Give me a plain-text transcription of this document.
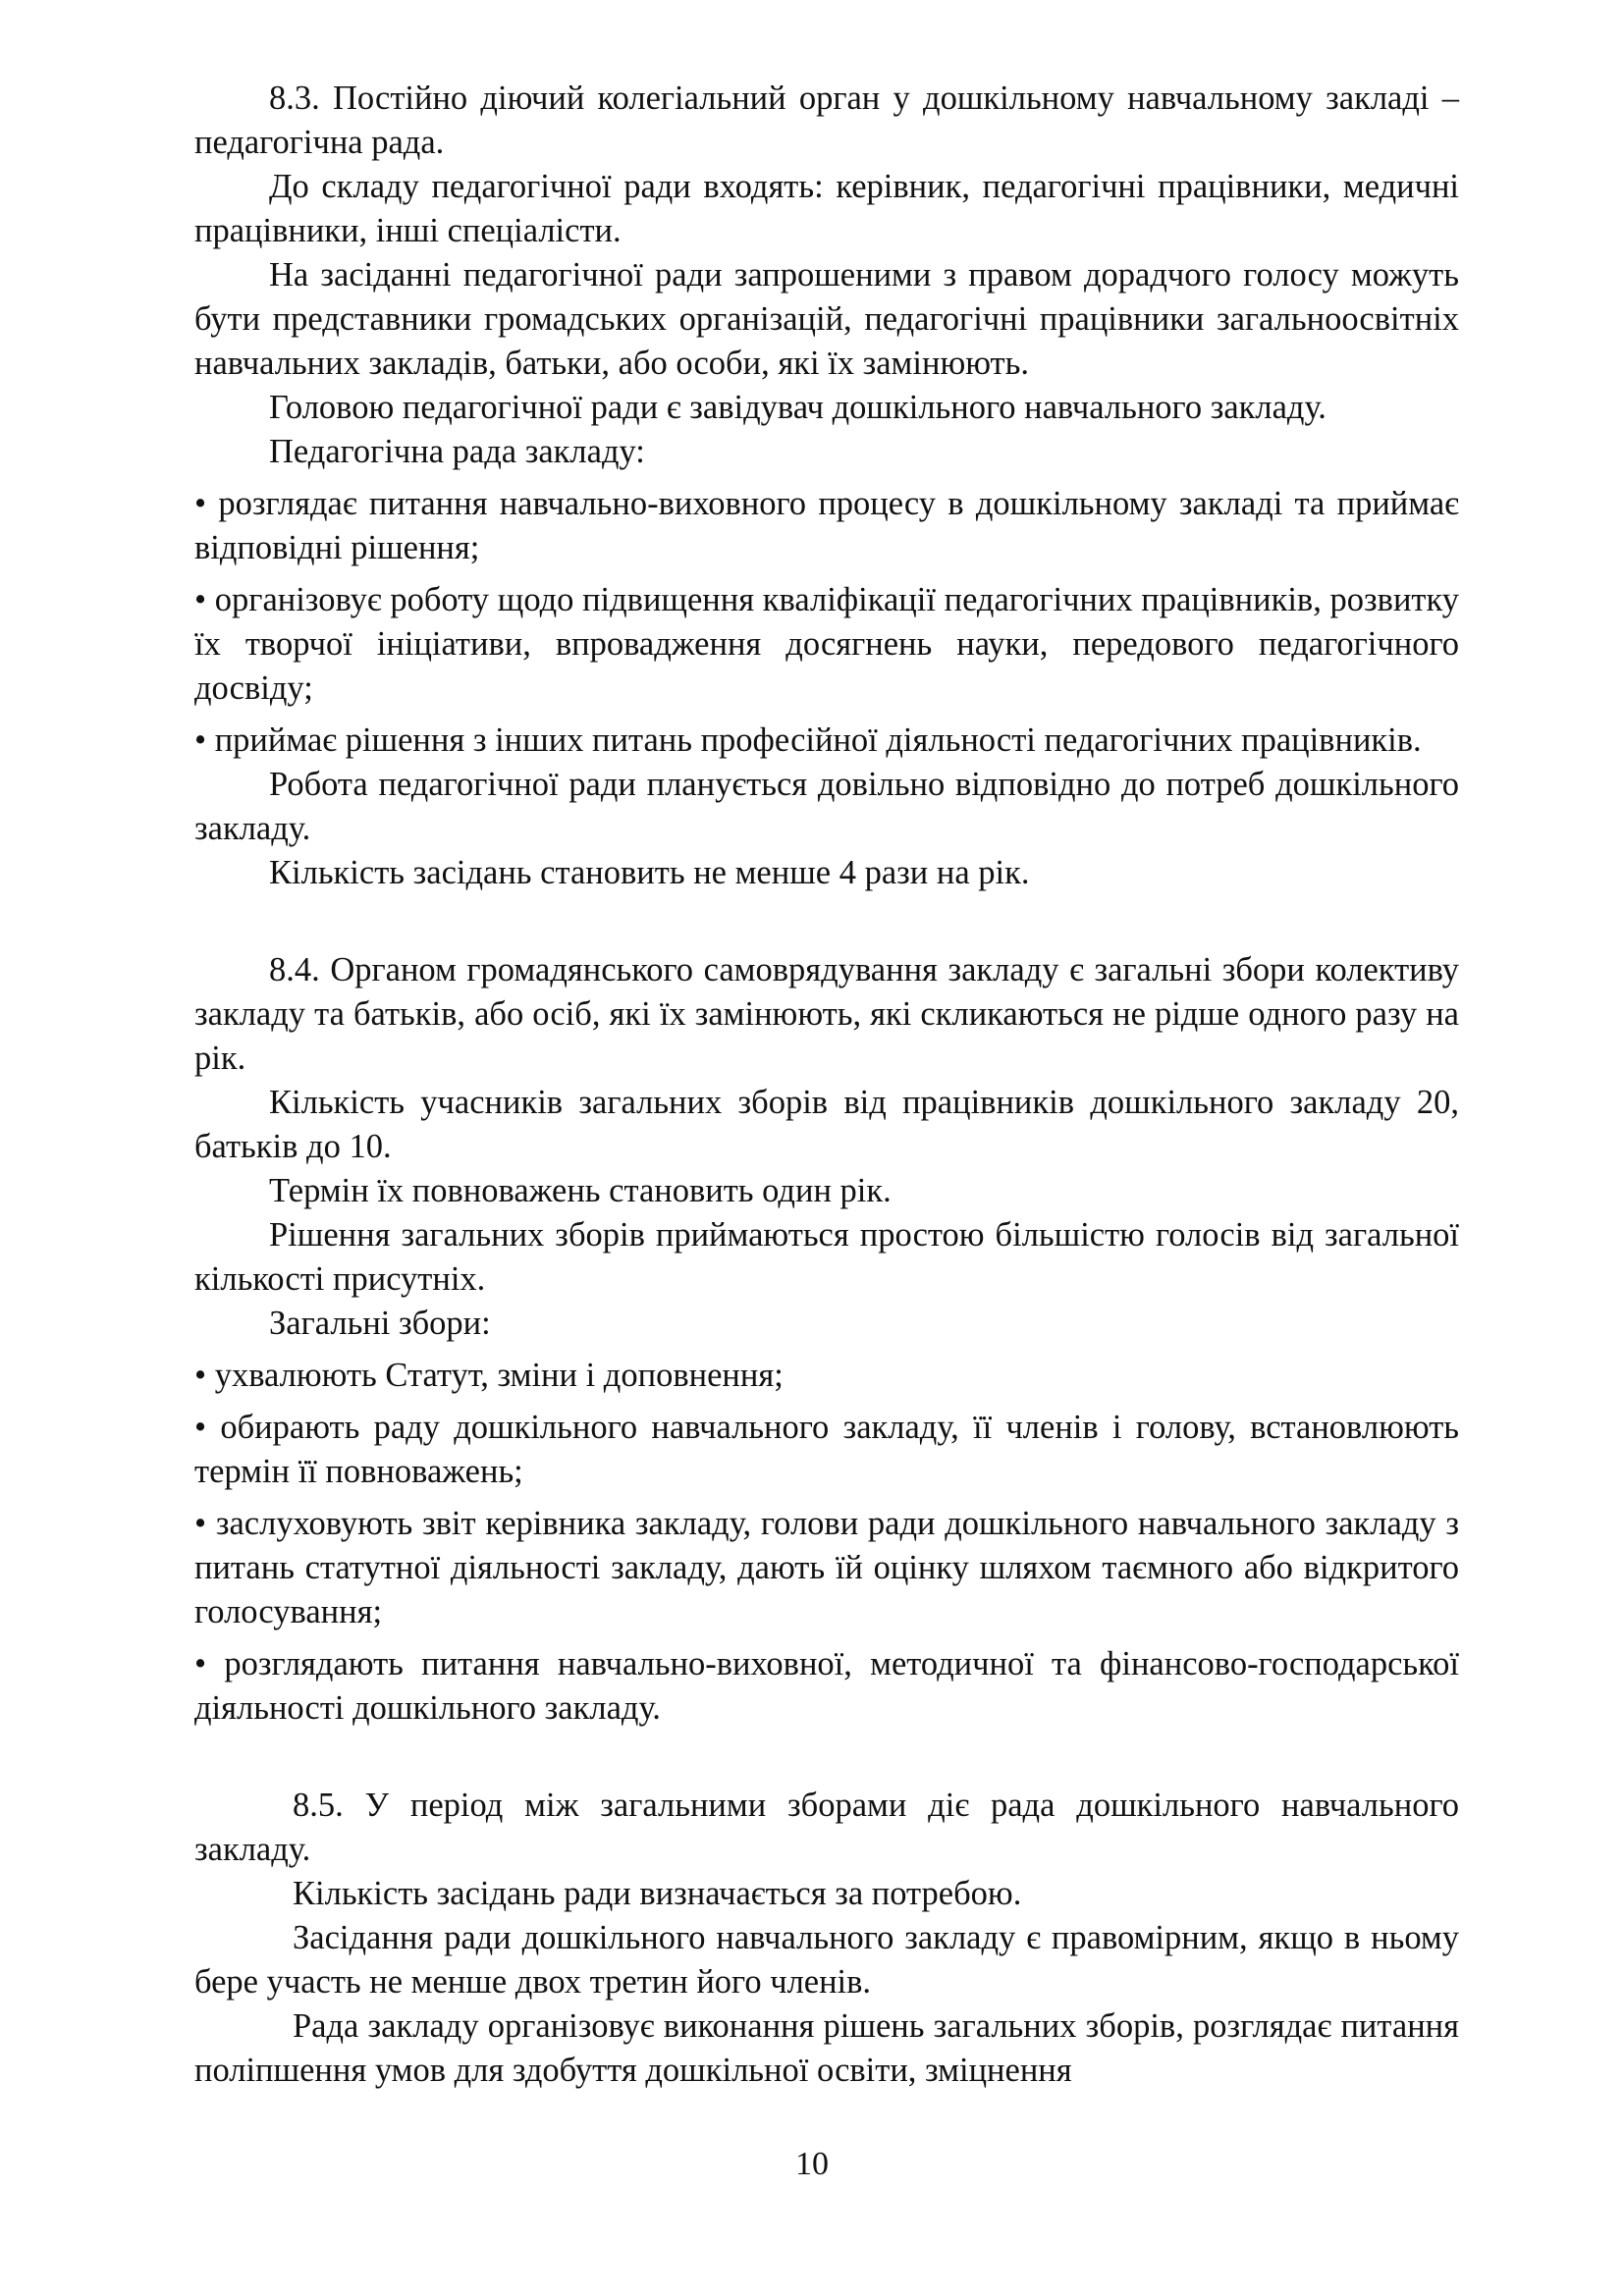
8.3. Постійно діючий колегіальний орган у дошкільному навчальному закладі – педагогічна рада.

До складу педагогічної ради входять: керівник, педагогічні працівники, медичні працівники, інші спеціалісти.

На засіданні педагогічної ради запрошеними з правом дорадчого голосу можуть бути представники громадських організацій, педагогічні працівники загальноосвітніх навчальних закладів, батьки, або особи, які їх замінюють.

Головою педагогічної ради є завідувач дошкільного навчального закладу.

Педагогічна рада закладу:

• розглядає питання навчально-виховного процесу в дошкільному закладі та приймає відповідні рішення;

• організовує роботу щодо підвищення кваліфікації педагогічних працівників, розвитку їх творчої ініціативи, впровадження досягнень науки, передового педагогічного досвіду;

• приймає рішення з інших питань професійної діяльності педагогічних працівників.

Робота педагогічної ради планується довільно відповідно до потреб дошкільного закладу.

Кількість засідань становить не менше 4 рази на рік.

8.4. Органом громадянського самоврядування закладу є загальні збори колективу закладу та батьків, або осіб, які їх замінюють, які скликаються не рідше одного разу на рік.

Кількість учасників загальних зборів від працівників дошкільного закладу 20, батьків до 10.

Термін їх повноважень становить один рік.

Рішення загальних зборів приймаються простою більшістю голосів від загальної кількості присутніх.

Загальні збори:

• ухвалюють Статут, зміни і доповнення;

• обирають раду дошкільного навчального закладу, її членів і голову, встановлюють термін її повноважень;

• заслуховують звіт керівника закладу, голови ради дошкільного навчального закладу з питань статутної діяльності закладу, дають їй оцінку шляхом таємного або відкритого голосування;

• розглядають питання навчально-виховної, методичної та фінансово-господарської діяльності дошкільного закладу.

8.5. У період між загальними зборами діє рада дошкільного навчального закладу.

Кількість засідань ради визначається за потребою.

Засідання ради дошкільного навчального закладу є правомірним, якщо в ньому бере участь не менше двох третин його членів.

Рада закладу організовує виконання рішень загальних зборів, розглядає питання поліпшення умов для здобуття дошкільної освіти, зміцнення

10
